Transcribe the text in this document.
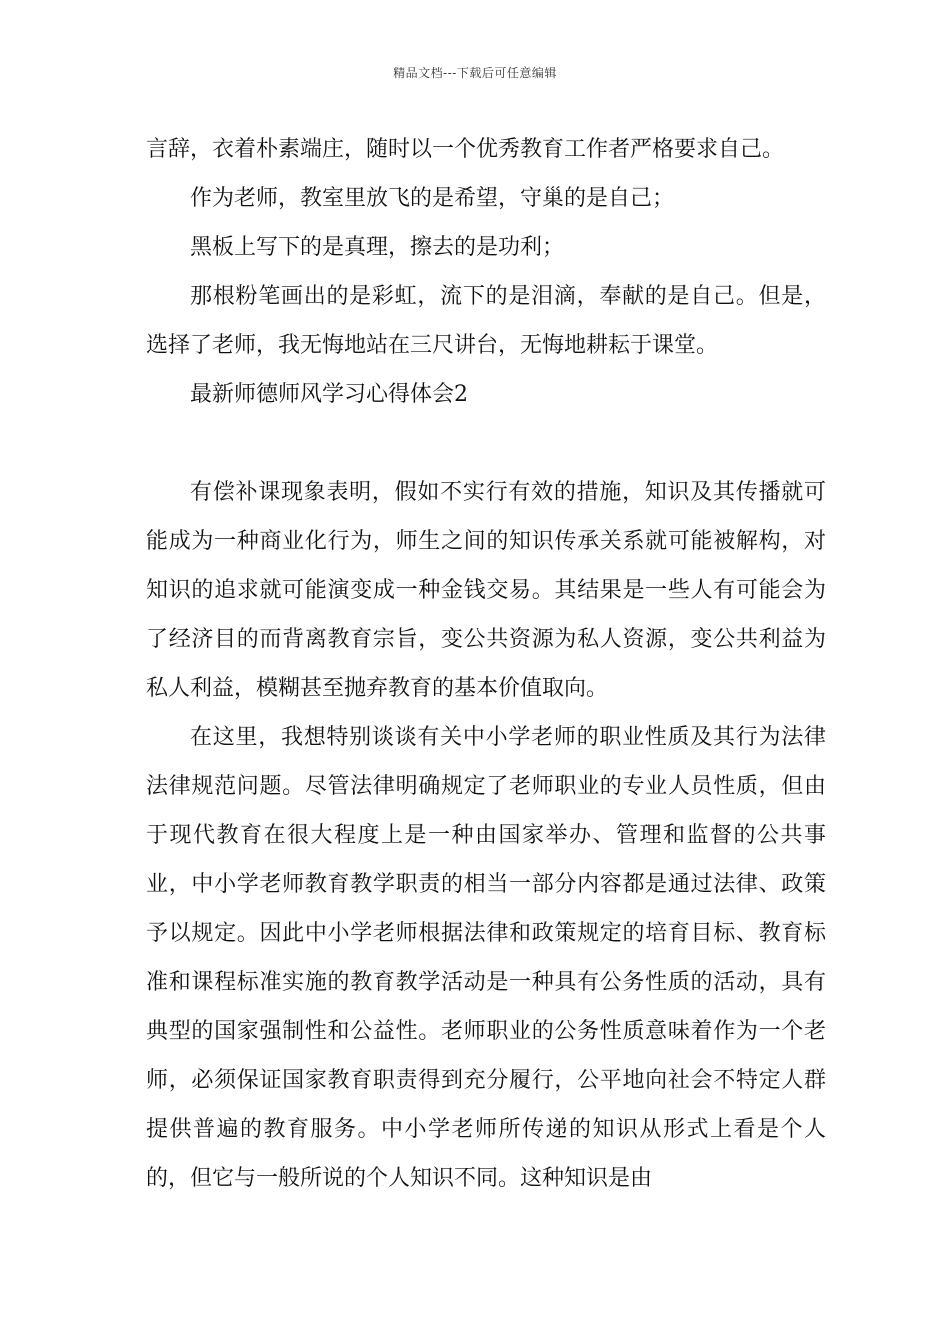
精品文档---下载后可任意编辑

言辞，衣着朴素端庄，随时以一个优秀教育工作者严格要求自己。

作为老师，教室里放飞的是希望，守巢的是自己；

黑板上写下的是真理，擦去的是功利；

那根粉笔画出的是彩虹，流下的是泪滴，奉献的是自己。但是，选择了老师，我无悔地站在三尺讲台，无悔地耕耘于课堂。

最新师德师风学习心得体会2

有偿补课现象表明，假如不实行有效的措施，知识及其传播就可能成为一种商业化行为，师生之间的知识传承关系就可能被解构，对知识的追求就可能演变成一种金钱交易。其结果是一些人有可能会为了经济目的而背离教育宗旨，变公共资源为私人资源，变公共利益为私人利益，模糊甚至抛弃教育的基本价值取向。

在这里，我想特别谈谈有关中小学老师的职业性质及其行为法律法律规范问题。尽管法律明确规定了老师职业的专业人员性质，但由于现代教育在很大程度上是一种由国家举办、管理和监督的公共事业，中小学老师教育教学职责的相当一部分内容都是通过法律、政策予以规定。因此中小学老师根据法律和政策规定的培育目标、教育标准和课程标准实施的教育教学活动是一种具有公务性质的活动，具有典型的国家强制性和公益性。老师职业的公务性质意味着作为一个老师，必须保证国家教育职责得到充分履行，公平地向社会不特定人群提供普遍的教育服务。中小学老师所传递的知识从形式上看是个人的，但它与一般所说的个人知识不同。这种知识是由
